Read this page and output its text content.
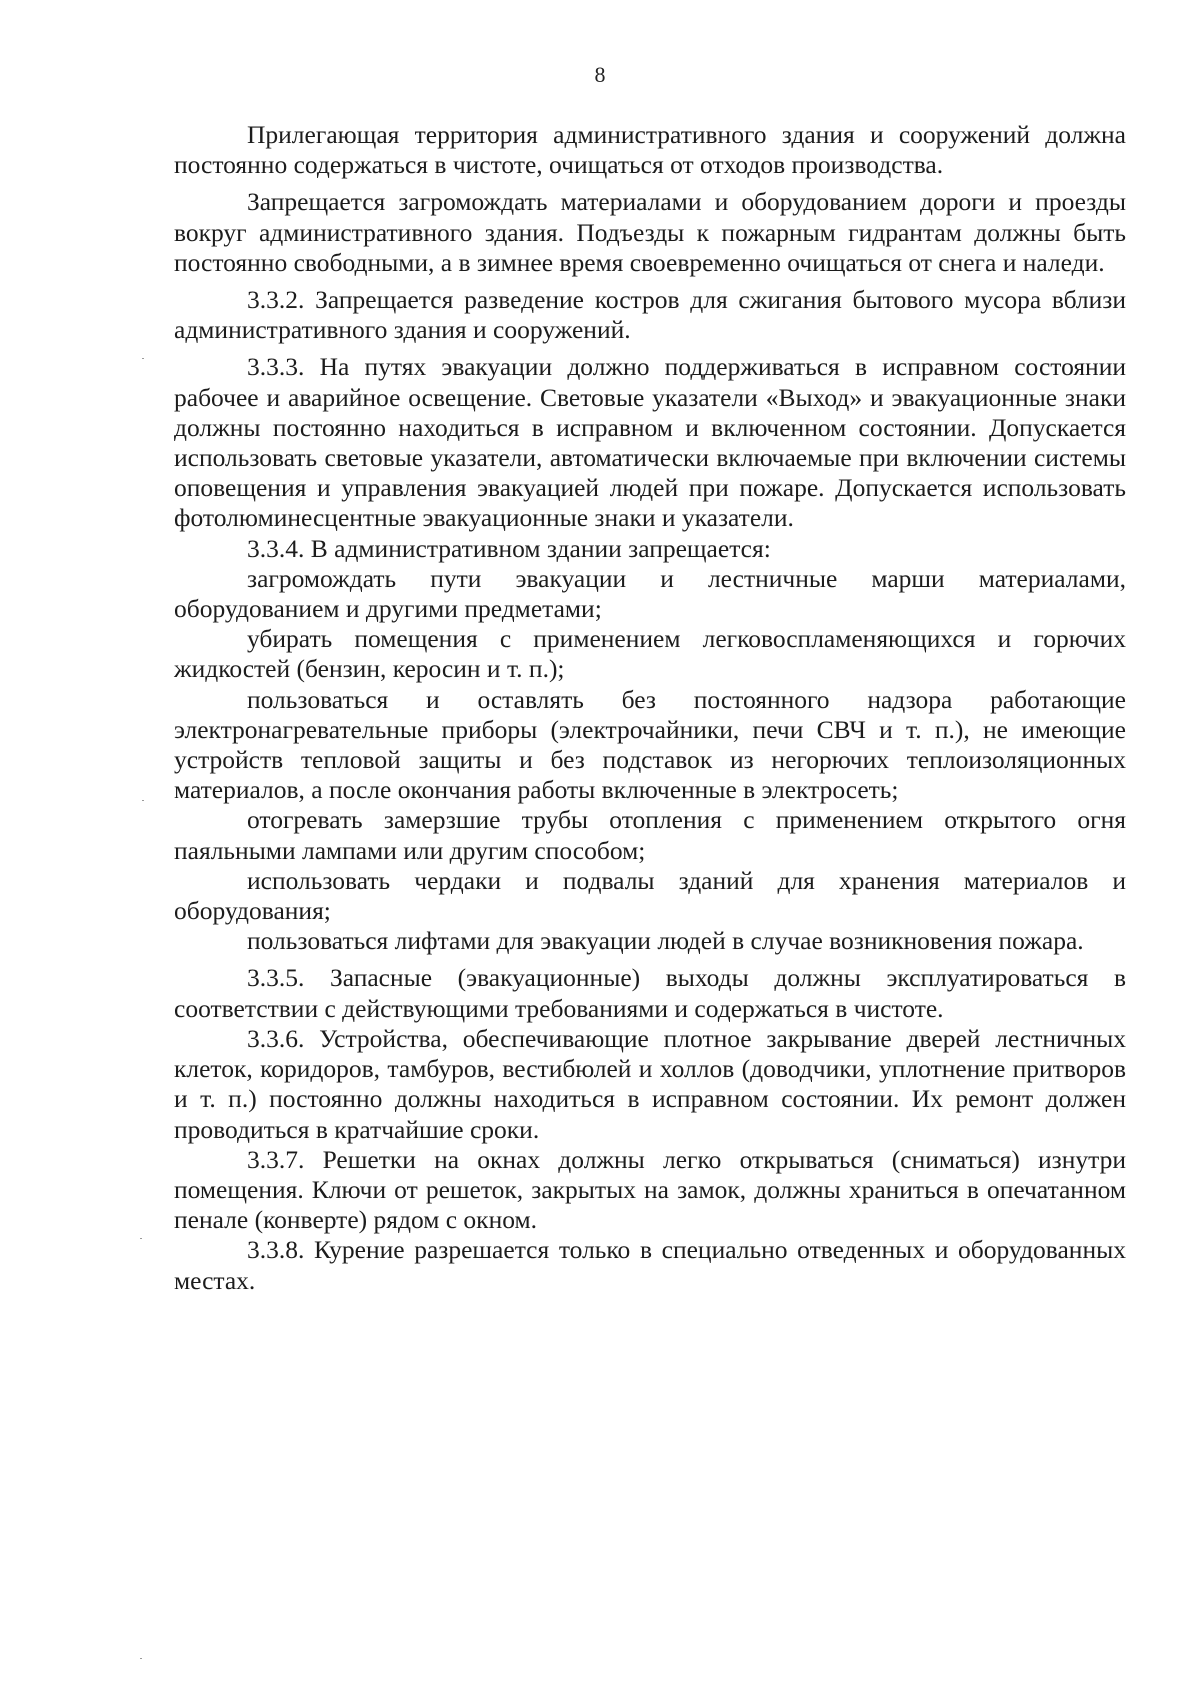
8

Прилегающая территория административного здания и сооружений должна постоянно содержаться в чистоте, очищаться от отходов производства.

Запрещается загромождать материалами и оборудованием дороги и проезды вокруг административного здания. Подъезды к пожарным гидрантам должны быть постоянно свободными, а в зимнее время своевременно очищаться от снега и наледи.

3.3.2. Запрещается разведение костров для сжигания бытового мусора вблизи административного здания и сооружений.

3.3.3. На путях эвакуации должно поддерживаться в исправном состоянии рабочее и аварийное освещение. Световые указатели «Выход» и эвакуационные знаки должны постоянно находиться в исправном и включенном состоянии. Допускается использовать световые указатели, автоматически включаемые при включении системы оповещения и управления эвакуацией людей при пожаре. Допускается использовать фотолюминесцентные эвакуационные знаки и указатели.

3.3.4. В административном здании запрещается:

загромождать пути эвакуации и лестничные марши материалами, оборудованием и другими предметами;

убирать помещения с применением легковоспламеняющихся и горючих жидкостей (бензин, керосин и т. п.);

пользоваться и оставлять без постоянного надзора работающие электронагревательные приборы (электрочайники, печи СВЧ и т. п.), не имеющие устройств тепловой защиты и без подставок из негорючих теплоизоляционных материалов, а после окончания работы включенные в электросеть;

отогревать замерзшие трубы отопления с применением открытого огня паяльными лампами или другим способом;

использовать чердаки и подвалы зданий для хранения материалов и оборудования;

пользоваться лифтами для эвакуации людей в случае возникновения пожара.

3.3.5. Запасные (эвакуационные) выходы должны эксплуатироваться в соответствии с действующими требованиями и содержаться в чистоте.

3.3.6. Устройства, обеспечивающие плотное закрывание дверей лестничных клеток, коридоров, тамбуров, вестибюлей и холлов (доводчики, уплотнение притворов и т. п.) постоянно должны находиться в исправном состоянии. Их ремонт должен проводиться в кратчайшие сроки.

3.3.7. Решетки на окнах должны легко открываться (сниматься) изнутри помещения. Ключи от решеток, закрытых на замок, должны храниться в опечатанном пенале (конверте) рядом с окном.

3.3.8. Курение разрешается только в специально отведенных и оборудованных местах.
